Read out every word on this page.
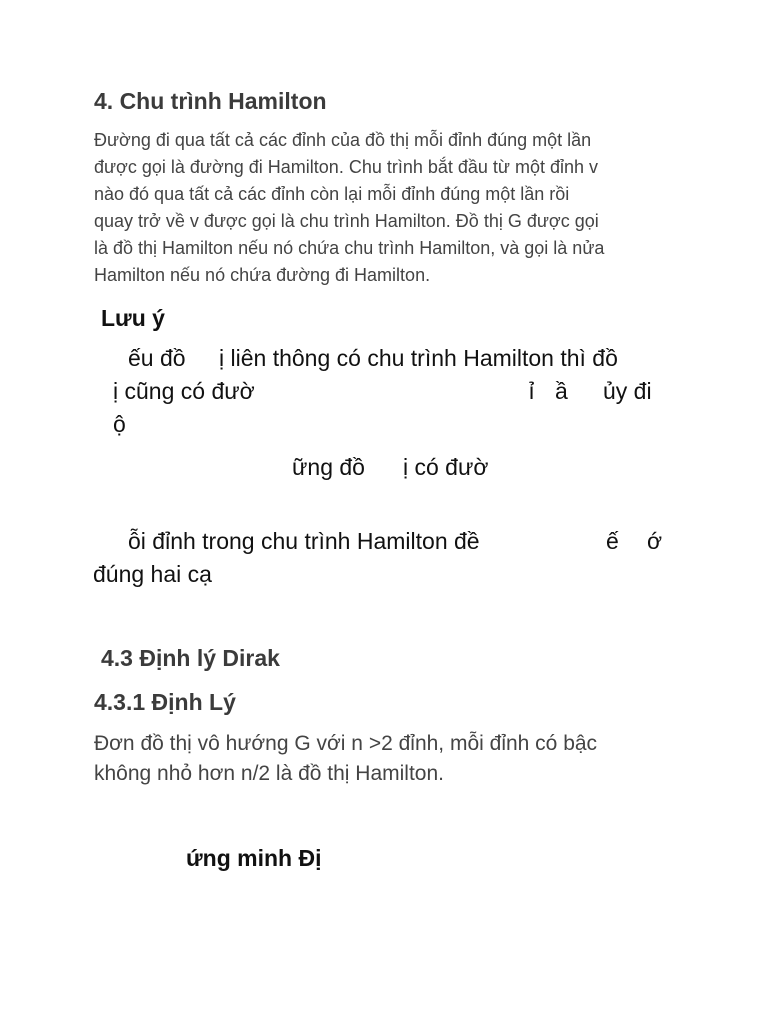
4. Chu trình Hamilton
Đường đi qua tất cả các đỉnh của đồ thị mỗi đỉnh đúng một lần
được gọi là đường đi Hamilton. Chu trình bắt đầu từ một đỉnh v
nào đó qua tất cả các đỉnh còn lại mỗi đỉnh đúng một lần rồi
quay trở về v được gọi là chu trình Hamilton. Đồ thị G được gọi
là đồ thị Hamilton nếu nó chứa chu trình Hamilton, và gọi là nửa
Hamilton nếu nó chứa đường đi Hamilton.
Lưu ý
ếu đồ ị liên thông có chu trình Hamilton thì đồ
ị cũng có đườ	ỉ ầ ủy đi
ộ
ững đồ ị có đườ
ỗi đỉnh trong chu trình Hamilton đề	ế ớ
đúng hai cạ
4.3 Định lý Dirak
4.3.1 Định Lý
Đơn đồ thị vô hướng G với n >2 đỉnh, mỗi đỉnh có bậc
không nhỏ hơn n/2 là đồ thị Hamilton.
ứng minh Đị
